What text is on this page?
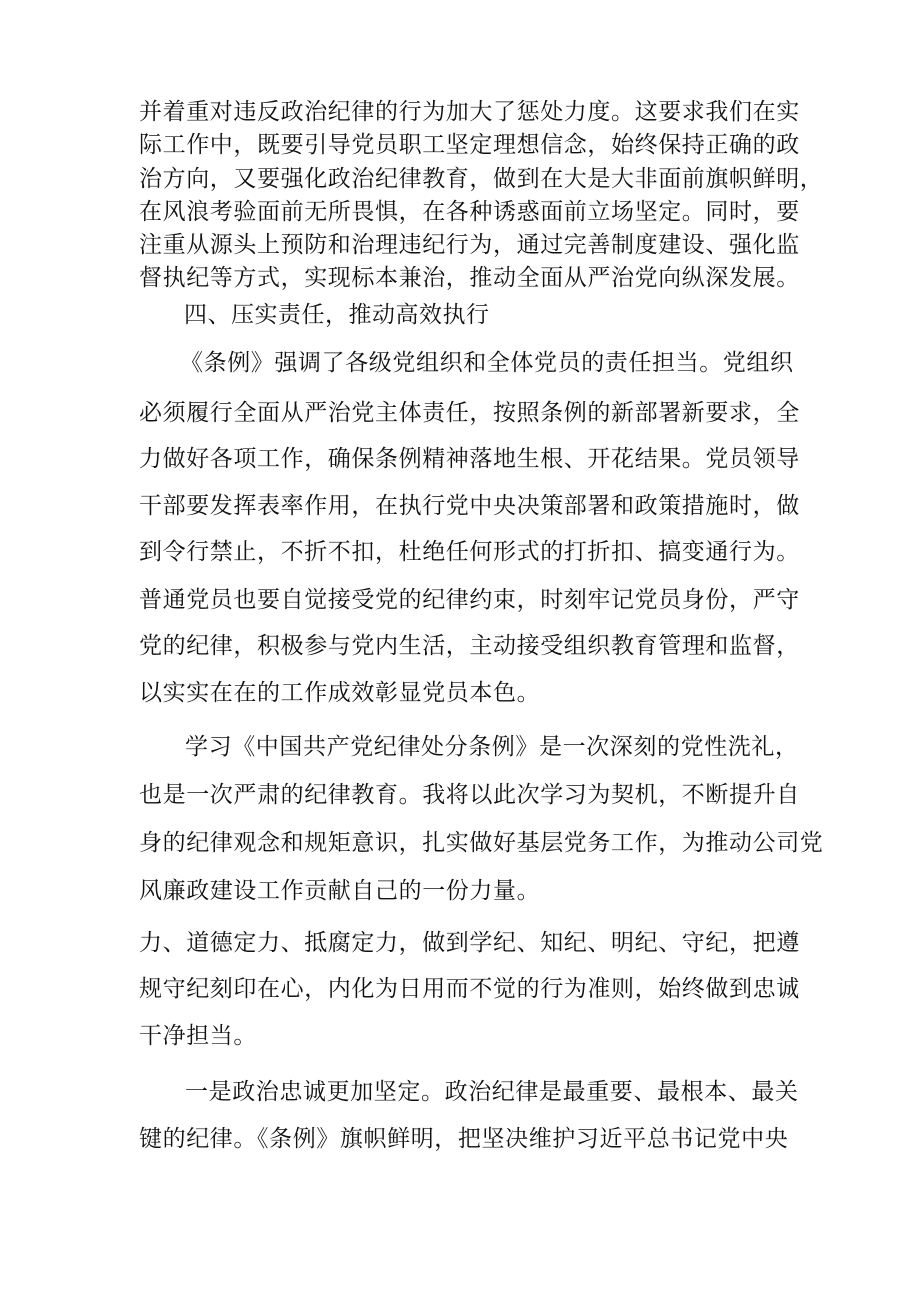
并着重对违反政治纪律的行为加大了惩处力度。这要求我们在实
际工作中，既要引导党员职工坚定理想信念，始终保持正确的政
治方向，又要强化政治纪律教育，做到在大是大非面前旗帜鲜明，
在风浪考验面前无所畏惧，在各种诱惑面前立场坚定。同时，要
注重从源头上预防和治理违纪行为，通过完善制度建设、强化监
督执纪等方式，实现标本兼治，推动全面从严治党向纵深发展。
四、压实责任，推动高效执行
《条例》强调了各级党组织和全体党员的责任担当。党组织
必须履行全面从严治党主体责任，按照条例的新部署新要求，全
力做好各项工作，确保条例精神落地生根、开花结果。党员领导
干部要发挥表率作用，在执行党中央决策部署和政策措施时，做
到令行禁止，不折不扣，杜绝任何形式的打折扣、搞变通行为。
普通党员也要自觉接受党的纪律约束，时刻牢记党员身份，严守
党的纪律，积极参与党内生活，主动接受组织教育管理和监督，
以实实在在的工作成效彰显党员本色。
学习《中国共产党纪律处分条例》是一次深刻的党性洗礼，
也是一次严肃的纪律教育。我将以此次学习为契机，不断提升自
身的纪律观念和规矩意识，扎实做好基层党务工作，为推动公司党
风廉政建设工作贡献自己的一份力量。
力、道德定力、抵腐定力，做到学纪、知纪、明纪、守纪，把遵
规守纪刻印在心，内化为日用而不觉的行为准则，始终做到忠诚
干净担当。
一是政治忠诚更加坚定。政治纪律是最重要、最根本、最关
键的纪律。《条例》旗帜鲜明，把坚决维护习近平总书记党中央
